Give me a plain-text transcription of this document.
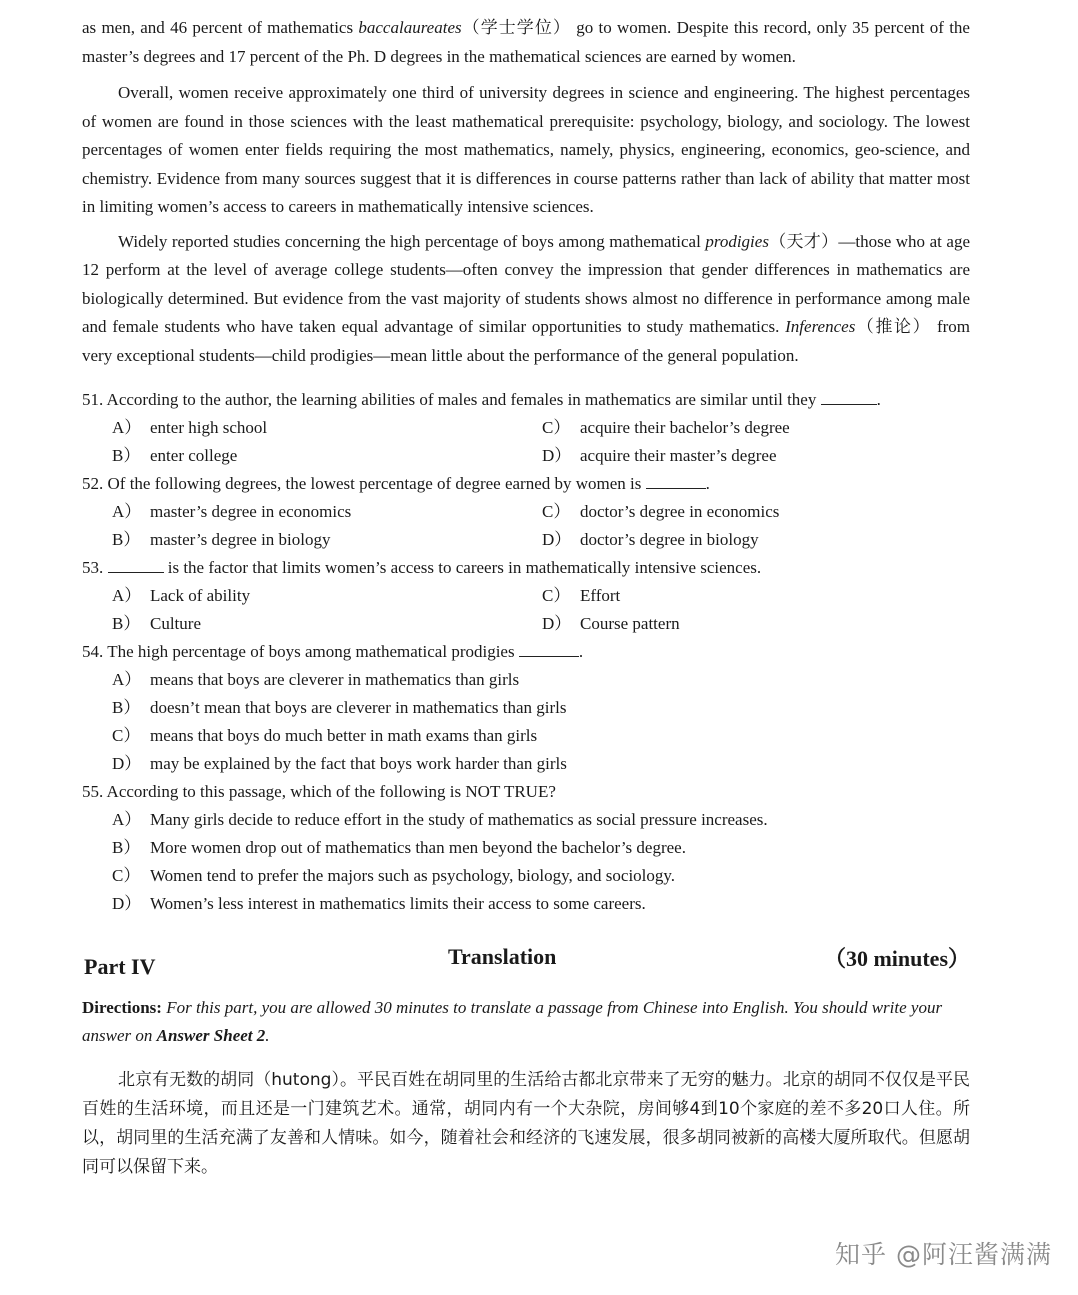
as men, and 46 percent of mathematics baccalaureates（学士学位） go to women. Despite this record, only 35 percent of the master’s degrees and 17 percent of the Ph. D degrees in the mathematical sciences are earned by women.

Overall, women receive approximately one third of university degrees in science and engineering. The highest percentages of women are found in those sciences with the least mathematical prerequisite: psychology, biology, and sociology. The lowest percentages of women enter fields requiring the most mathematics, namely, physics, engineering, economics, geo-science, and chemistry. Evidence from many sources suggest that it is differences in course patterns rather than lack of ability that matter most in limiting women’s access to careers in mathematically intensive sciences.

Widely reported studies concerning the high percentage of boys among mathematical prodigies（天才）—those who at age 12 perform at the level of average college students—often convey the impression that gender differences in mathematics are biologically determined. But evidence from the vast majority of students shows almost no difference in performance among male and female students who have taken equal advantage of similar opportunities to study mathematics. Inferences（推论） from very exceptional students—child prodigies—mean little about the performance of the general population.

51. According to the author, the learning abilities of males and females in mathematics are similar until they	.

A） enter high school	C） acquire their bachelor’s degree
B） enter college	D） acquire their master’s degree

52. Of the following degrees, the lowest percentage of degree earned by women is	.

A） master’s degree in economics	C） doctor’s degree in economics
B） master’s degree in biology	D） doctor’s degree in biology

53.	is the factor that limits women’s access to careers in mathematically intensive sciences.

A） Lack of ability	C） Effort
B） Culture	D） Course pattern

54. The high percentage of boys among mathematical prodigies	.

A） means that boys are cleverer in mathematics than girls
B） doesn’t mean that boys are cleverer in mathematics than girls
C） means that boys do much better in math exams than girls
D） may be explained by the fact that boys work harder than girls

55. According to this passage, which of the following is NOT TRUE?

A） Many girls decide to reduce effort in the study of mathematics as social pressure increases.
B） More women drop out of mathematics than men beyond the bachelor’s degree.
C） Women tend to prefer the majors such as psychology, biology, and sociology.
D） Women’s less interest in mathematics limits their access to some careers.
Part IV	Translation	（30 minutes）

Directions: For this part, you are allowed 30 minutes to translate a passage from Chinese into English. You should write your answer on Answer Sheet 2.

北京有无数的胡同（hutong）。平民百姓在胡同里的生活给古都北京带来了无穷的魅力。北京的胡同不仅仅是平民百姓的生活环境，而且还是一门建筑艺术。通常，胡同内有一个大杂院，房间够4到10个家庭的差不多20口人住。所以，胡同里的生活充满了友善和人情味。如今，随着社会和经济的飞速发展，很多胡同被新的高楼大厦所取代。但愿胡同可以保留下来。

知乎 @阿汪酱满满
